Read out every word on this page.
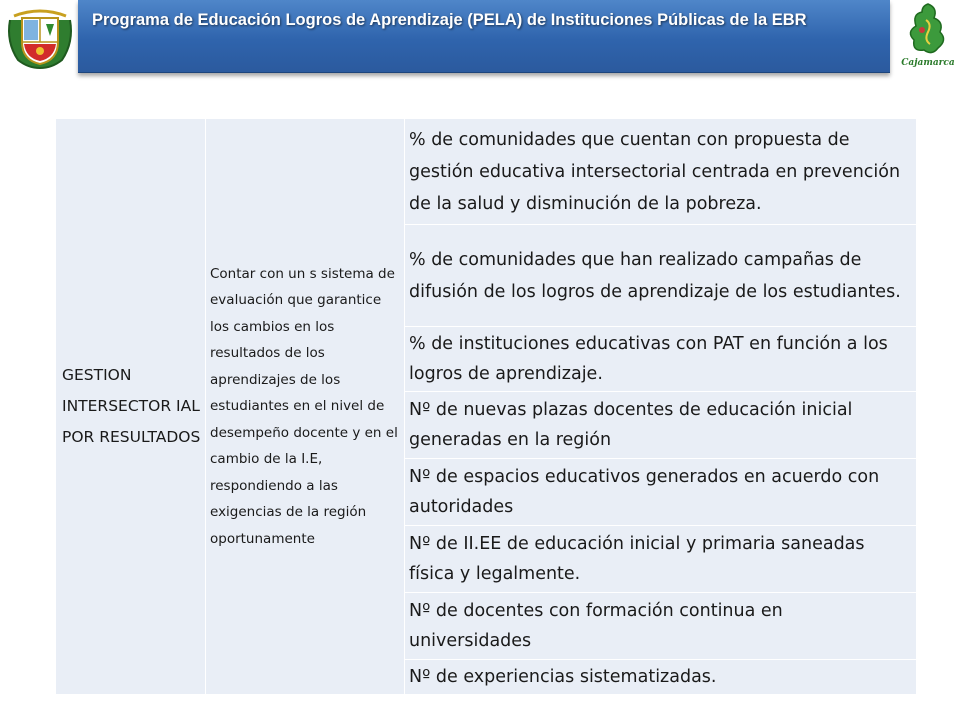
Programa de Educación Logros de Aprendizaje (PELA) de Instituciones Públicas de la EBR
Cajamarca
GESTION INTERSECTOR IAL POR RESULTADOS	Contar con un s sistema de evaluación que garantice los cambios en los resultados de los aprendizajes de los estudiantes en el nivel de desempeño docente y en el cambio de la I.E, respondiendo a las exigencias de la región oportunamente	% de comunidades que cuentan con propuesta de gestión educativa intersectorial centrada en prevención de la salud y disminución de la pobreza.
% de comunidades que han realizado campañas de difusión de los logros de aprendizaje de los estudiantes.
% de instituciones educativas con PAT en función a los logros de aprendizaje.
Nº de nuevas plazas docentes de educación inicial generadas en la región
Nº de espacios educativos generados en acuerdo con autoridades
Nº de II.EE de educación inicial y primaria saneadas física y legalmente.
Nº de docentes con formación continua en universidades
Nº de experiencias sistematizadas.
